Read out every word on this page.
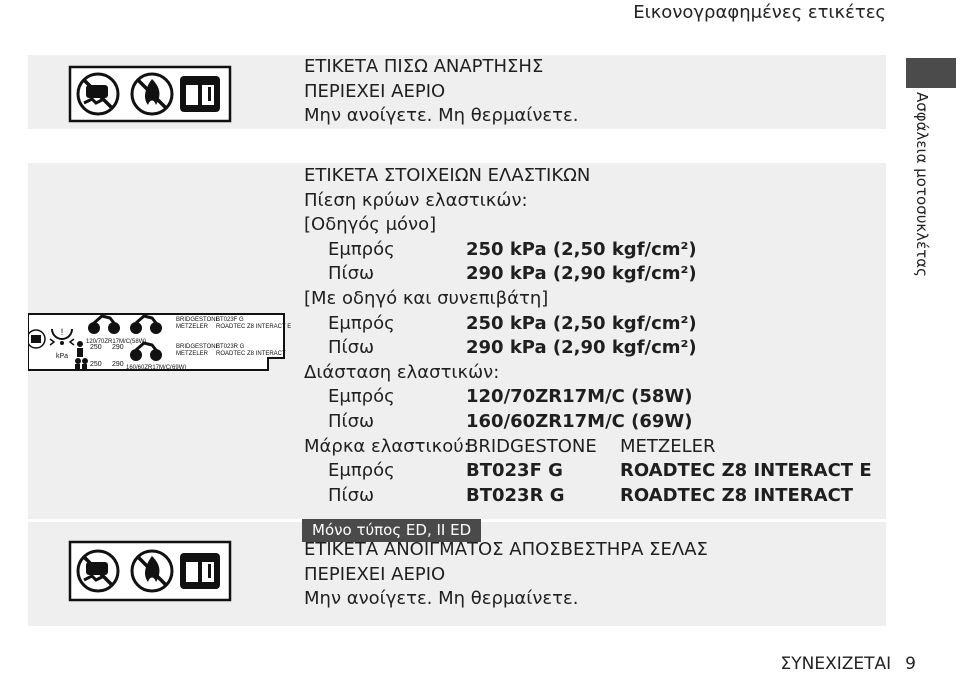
Εικονογραφημένες ετικέτες
Ασφάλεια μοτοσυκλέτας
ΕΤΙΚΕΤΑ ΠΙΣΩ ΑΝΑΡΤΗΣΗΣ
ΠΕΡΙΕΧΕΙ ΑΕΡΙΟ
Μην ανοίγετε. Μη θερμαίνετε.
!
kPa
250 290
250 290
120/70ZR17M/C(58W)
160/60ZR17M/C(69W)
BRIDGESTONE
BT023F G
METZELER ROADTEC Z8 INTERACT E
BRIDGESTONE
BT023R G
METZELER ROADTEC Z8 INTERACT
ΕΤΙΚΕΤΑ ΣΤΟΙΧΕΙΩΝ ΕΛΑΣΤΙΚΩΝ
Πίεση κρύων ελαστικών:
[Οδηγός μόνο]
Εμπρός	250 kPa (2,50 kgf/cm²)
Πίσω	290 kPa (2,90 kgf/cm²)
[Με οδηγό και συνεπιβάτη]
Εμπρός	250 kPa (2,50 kgf/cm²)
Πίσω	290 kPa (2,90 kgf/cm²)
Διάσταση ελαστικών:
Εμπρός	120/70ZR17M/C (58W)
Πίσω	160/60ZR17M/C (69W)
Μάρκα ελαστικού:
BRIDGESTONE METZELER
Εμπρός	BT023F G	ROADTEC Z8 INTERACT E
Πίσω	BT023R G	ROADTEC Z8 INTERACT
Μόνο τύπος ED, II ED
ΕΤΙΚΕΤΑ ΑΝΟΙΓΜΑΤΟΣ ΑΠΟΣΒΕΣΤΗΡΑ ΣΕΛΑΣ
ΠΕΡΙΕΧΕΙ ΑΕΡΙΟ
Μην ανοίγετε. Μη θερμαίνετε.
ΣΥΝΕΧΙΖΕΤΑΙ 9
